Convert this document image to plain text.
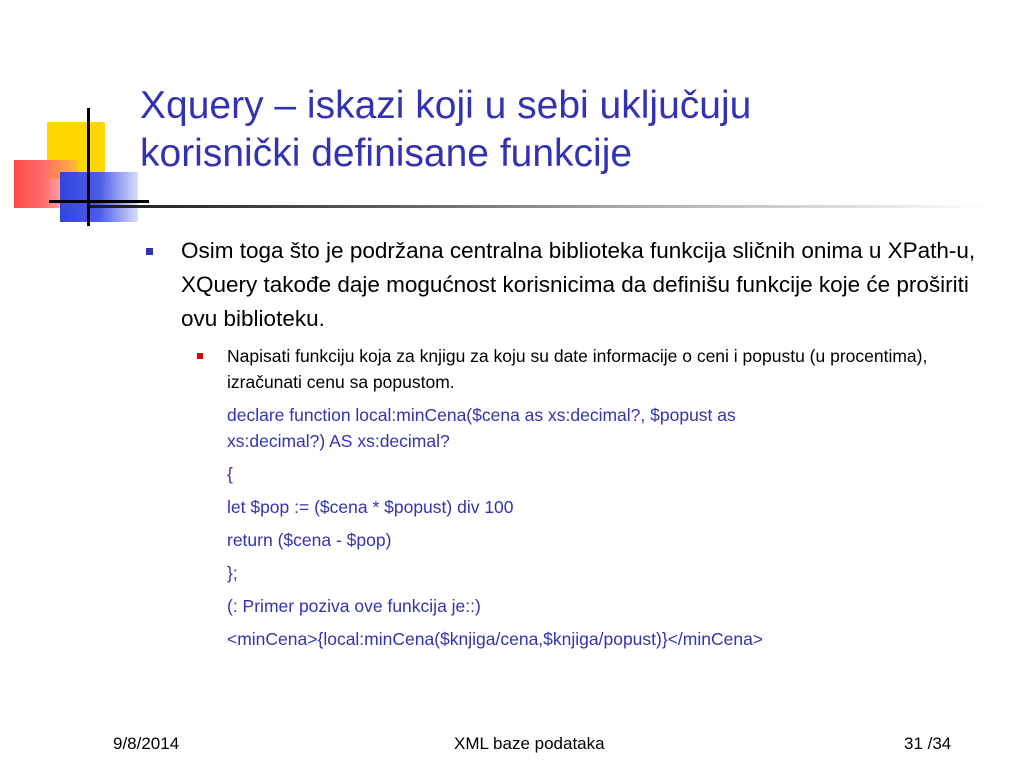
Xquery – iskazi koji u sebi uključuju
korisnički definisane funkcije
Osim toga što je podržana centralna biblioteka funkcija sličnih onima u XPath-u, XQuery takođe daje mogućnost korisnicima da definišu funkcije koje će proširiti ovu biblioteku.
Napisati funkciju koja za knjigu za koju su date informacije o ceni i popustu (u procentima), izračunati cenu sa popustom.
declare function local:minCena($cena as xs:decimal?, $popust as
xs:decimal?) AS xs:decimal?
{
let $pop := ($cena * $popust) div 100
return ($cena - $pop)
};
(: Primer poziva ove funkcija je::)
<minCena>{local:minCena($knjiga/cena,$knjiga/popust)}</minCena>
9/8/2014	XML baze podataka	31 /34
